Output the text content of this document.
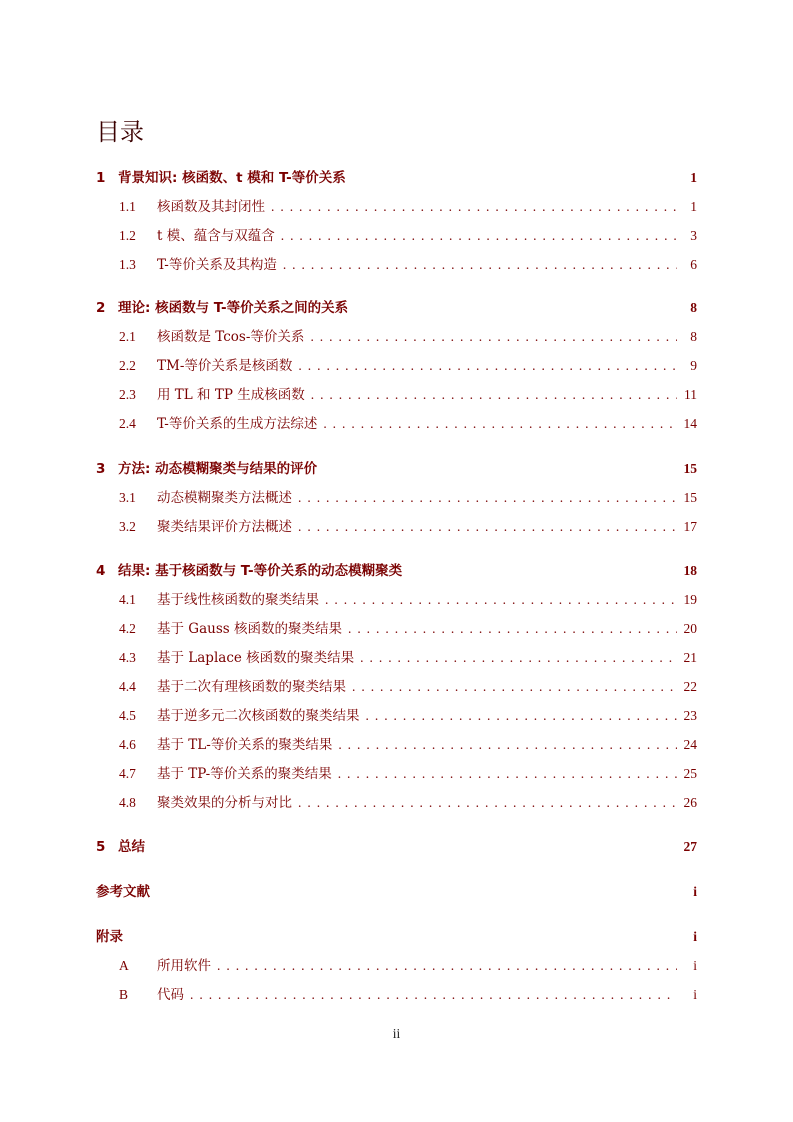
目录
1 背景知识: 核函数、t 模和 T-等价关系	1
1.1	核函数及其封闭性 . . .	1
1.2	t 模、蕴含与双蕴含 . . .	3
1.3	T-等价关系及其构造 . . .	6
2 理论: 核函数与 T-等价关系之间的关系	8
2.1	核函数是 Tcos-等价关系 . . .	8
2.2	TM-等价关系是核函数 . . .	9
2.3	用 TL 和 TP 生成核函数 . . .	11
2.4	T-等价关系的生成方法综述 . . .	14
3 方法: 动态模糊聚类与结果的评价	15
3.1	动态模糊聚类方法概述 . . .	15
3.2	聚类结果评价方法概述 . . .	17
4 结果: 基于核函数与 T-等价关系的动态模糊聚类	18
4.1	基于线性核函数的聚类结果 . . .	19
4.2	基于 Gauss 核函数的聚类结果 . . .	20
4.3	基于 Laplace 核函数的聚类结果 . . .	21
4.4	基于二次有理核函数的聚类结果 . . .	22
4.5	基于逆多元二次核函数的聚类结果 . . .	23
4.6	基于 TL-等价关系的聚类结果 . . .	24
4.7	基于 TP-等价关系的聚类结果 . . .	25
4.8	聚类效果的分析与对比 . . .	26
5 总结	27
参考文献	i
附录	i
A	所用软件 . . .	i
B	代码 . . .	i
ii
